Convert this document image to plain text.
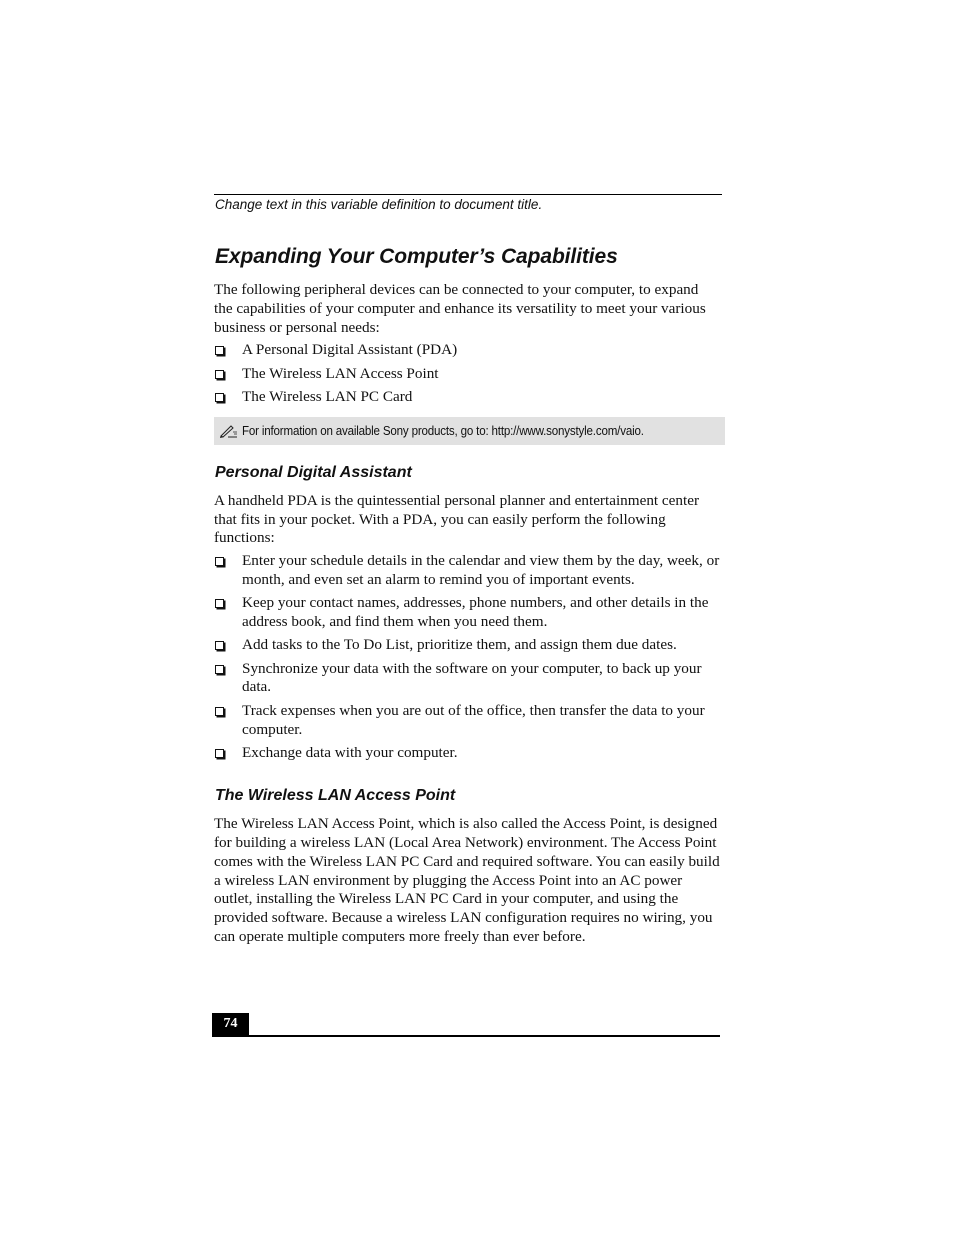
Change text in this variable definition to document title.
Expanding Your Computer’s Capabilities

The following peripheral devices can be connected to your computer, to expand the capabilities of your computer and enhance its versatility to meet your various business or personal needs:

A Personal Digital Assistant (PDA)
The Wireless LAN Access Point
The Wireless LAN PC Card
For information on available Sony products, go to: http://www.sonystyle.com/vaio.
Personal Digital Assistant

A handheld PDA is the quintessential personal planner and entertainment center that fits in your pocket. With a PDA, you can easily perform the following functions:

Enter your schedule details in the calendar and view them by the day, week, or month, and even set an alarm to remind you of important events.
Keep your contact names, addresses, phone numbers, and other details in the address book, and find them when you need them.
Add tasks to the To Do List, prioritize them, and assign them due dates.
Synchronize your data with the software on your computer, to back up your data.
Track expenses when you are out of the office, then transfer the data to your computer.
Exchange data with your computer.
The Wireless LAN Access Point

The Wireless LAN Access Point, which is also called the Access Point, is designed for building a wireless LAN (Local Area Network) environment. The Access Point comes with the Wireless LAN PC Card and required software. You can easily build a wireless LAN environment by plugging the Access Point into an AC power outlet, installing the Wireless LAN PC Card in your computer, and using the provided software. Because a wireless LAN configuration requires no wiring, you can operate multiple computers more freely than ever before.

74
